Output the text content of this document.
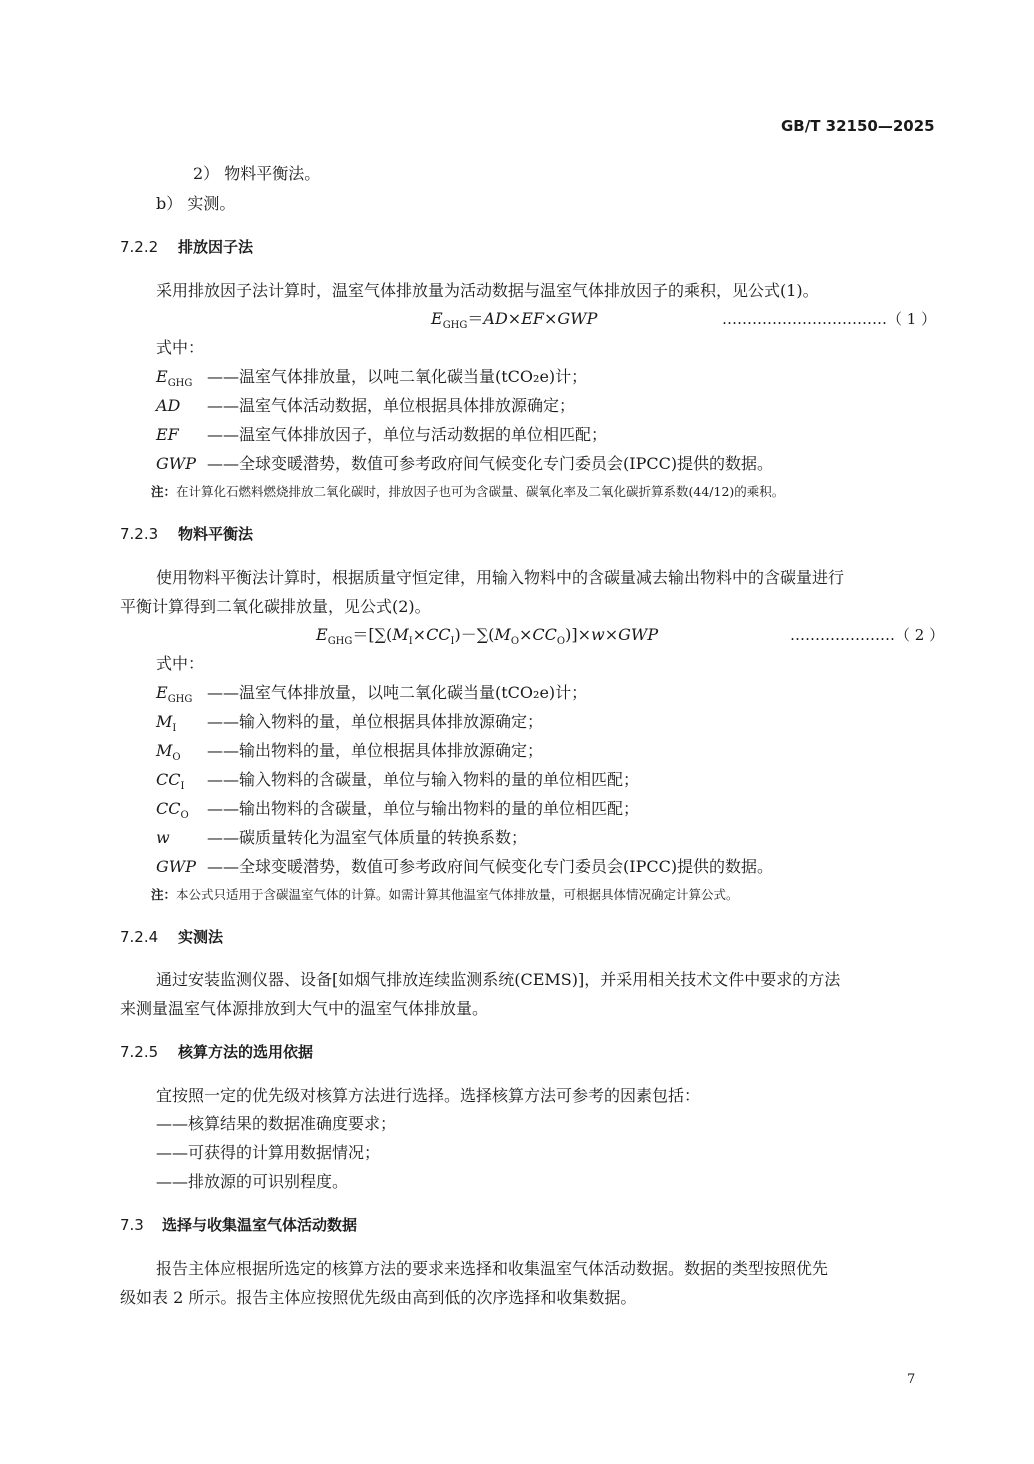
GB/T 32150—2025
2） 物料平衡法。
b） 实测。
7.2.2 排放因子法
采用排放因子法计算时，温室气体排放量为活动数据与温室气体排放因子的乘积，见公式(1)。
$E_{GHG}=AD\times EF\times GWP$	……………………………（ 1 ）
式中：
$E_{GHG}$ ——温室气体排放量，以吨二氧化碳当量(tCO₂e)计；
AD ——温室气体活动数据，单位根据具体排放源确定；
EF ——温室气体排放因子，单位与活动数据的单位相匹配；
GWP ——全球变暖潜势，数值可参考政府间气候变化专门委员会(IPCC)提供的数据。
注：在计算化石燃料燃烧排放二氧化碳时，排放因子也可为含碳量、碳氧化率及二氧化碳折算系数(44/12)的乘积。
7.2.3 物料平衡法
使用物料平衡法计算时，根据质量守恒定律，用输入物料中的含碳量减去输出物料中的含碳量进行
平衡计算得到二氧化碳排放量，见公式(2)。
$E_{GHG}=[\sum(M_I\times CC_I)-\sum(M_O\times CC_O)]\times w\times GWP$	…………………（ 2 ）
式中：
$E_{GHG}$ ——温室气体排放量，以吨二氧化碳当量(tCO₂e)计；
$M_I$ ——输入物料的量，单位根据具体排放源确定；
$M_O$ ——输出物料的量，单位根据具体排放源确定；
$CC_I$ ——输入物料的含碳量，单位与输入物料的量的单位相匹配；
$CC_O$ ——输出物料的含碳量，单位与输出物料的量的单位相匹配；
w ——碳质量转化为温室气体质量的转换系数；
GWP ——全球变暖潜势，数值可参考政府间气候变化专门委员会(IPCC)提供的数据。
注：本公式只适用于含碳温室气体的计算。如需计算其他温室气体排放量，可根据具体情况确定计算公式。
7.2.4 实测法
通过安装监测仪器、设备[如烟气排放连续监测系统(CEMS)]，并采用相关技术文件中要求的方法
来测量温室气体源排放到大气中的温室气体排放量。
7.2.5 核算方法的选用依据
宜按照一定的优先级对核算方法进行选择。选择核算方法可参考的因素包括：
——核算结果的数据准确度要求；
——可获得的计算用数据情况；
——排放源的可识别程度。
7.3 选择与收集温室气体活动数据
报告主体应根据所选定的核算方法的要求来选择和收集温室气体活动数据。数据的类型按照优先
级如表 2 所示。报告主体应按照优先级由高到低的次序选择和收集数据。
7
